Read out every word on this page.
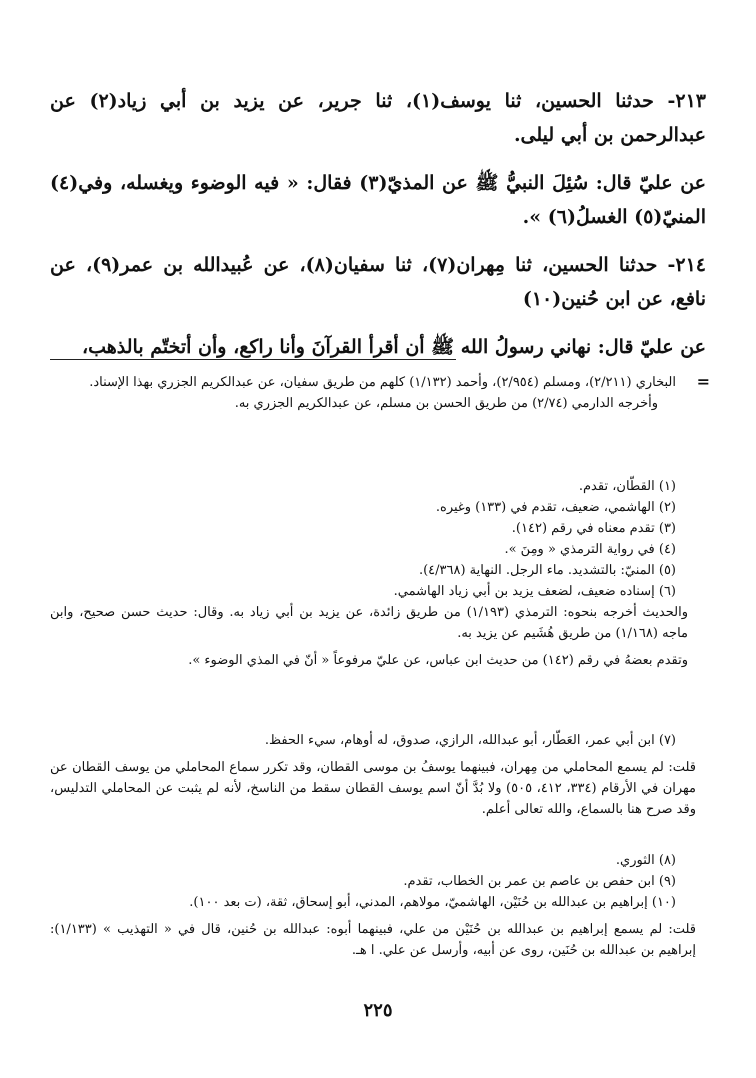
٢١٣- حدثنا الحسين، ثنا يوسف(١)، ثنا جرير، عن يزيد بن أبي زياد(٢) عن عبدالرحمن بن أبي ليلى.

عن عليّ قال: سُئِلَ النبيُّ ﷺ عن المذيّ(٣) فقال: « فيه الوضوء ويغسله، وفي(٤) المنيّ(٥) الغسلُ(٦) ».

٢١٤- حدثنا الحسين، ثنا مِهران(٧)، ثنا سفيان(٨)، عن عُبيدالله بن عمر(٩)، عن نافع، عن ابن حُنين(١٠)

عن عليّ قال: نهاني رسولُ الله ﷺ أن أقرأ القرآنَ وأنا راكع، وأن أتختّم بالذهب،

=

البخاري (٢/٢١١)، ومسلم (٢/٩٥٤)، وأحمد (١/١٣٢) كلهم من طريق سفيان، عن عبدالكريم الجزري بهذا الإسناد.

وأخرجه الدارمي (٢/٧٤) من طريق الحسن بن مسلم، عن عبدالكريم الجزري به.

(١) القطّان، تقدم.

(٢) الهاشمي، ضعيف، تقدم في (١٣٣) وغيره.

(٣) تقدم معناه في رقم (١٤٢).

(٤) في رواية الترمذي « ومِنَ ».

(٥) المنيّ: بالتشديد. ماء الرجل. النهاية (٤/٣٦٨).

(٦) إسناده ضعيف، لضعف يزيد بن أبي زياد الهاشمي.

والحديث أخرجه بنحوه: الترمذي (١/١٩٣) من طريق زائدة، عن يزيد بن أبي زياد به. وقال: حديث حسن صحيح، وابن ماجه (١/١٦٨) من طريق هُشَيم عن يزيد به.

وتقدم بعضهُ في رقم (١٤٢) من حديث ابن عباس، عن عليّ مرفوعاً « أنّ في المذي الوضوء ».

(٧) ابن أبي عمر، العَطّار، أبو عبدالله، الرازي، صدوق، له أوهام، سيء الحفظ.

قلت: لم يسمع المحاملي من مِهران، فبينهما يوسفُ بن موسى القطان، وقد تكرر سماع المحاملي من يوسف القطان عن مهران في الأرقام (٣٣٤، ٤١٢، ٥٠٥) ولا بُدَّ أنّ اسم يوسف القطان سقط من الناسخ، لأنه لم يثبت عن المحاملي التدليس، وقد صرح هنا بالسماع، والله تعالى أعلم.

(٨) الثوري.

(٩) ابن حفص بن عاصم بن عمر بن الخطاب، تقدم.

(١٠) إبراهيم بن عبدالله بن حُنَيْن، الهاشميّ، مولاهم، المدني، أبو إسحاق، ثقة، (ت بعد ١٠٠).

قلت: لم يسمع إبراهيم بن عبدالله بن حُنَيْن من علي، فبينهما أبوه: عبدالله بن حُنين، قال في « التهذيب » (١/١٣٣): إبراهيم بن عبدالله بن حُنَين، روى عن أبيه، وأرسل عن علي. ا هـ.

٢٢٥
